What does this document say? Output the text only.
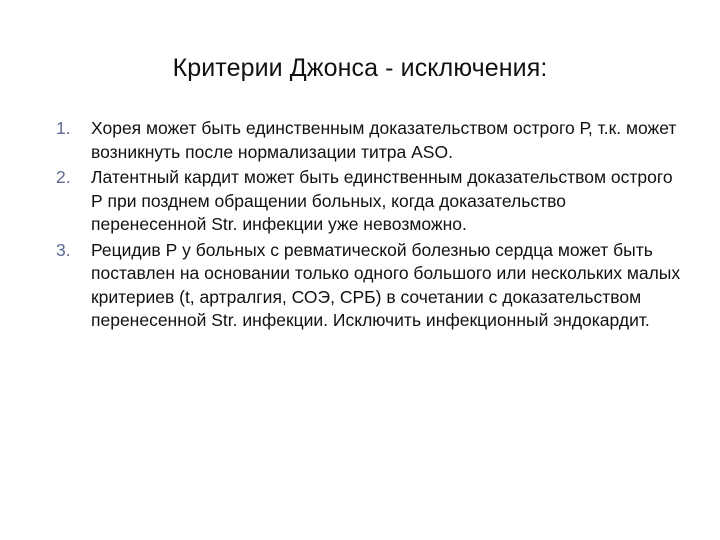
Критерии Джонса - исключения:
1.	Хорея может быть единственным доказательством острого Р, т.к. может возникнуть после нормализации титра ASO.
2.	Латентный кардит может быть единственным доказательством острого Р при позднем обращении больных, когда доказательство перенесенной Str. инфекции уже невозможно.
3.	Рецидив Р у больных с ревматической болезнью сердца может быть поставлен на основании только одного большого или нескольких малых критериев (t, артралгия, СОЭ, СРБ) в сочетании с доказательством перенесенной Str. инфекции. Исключить инфекционный эндокардит.
